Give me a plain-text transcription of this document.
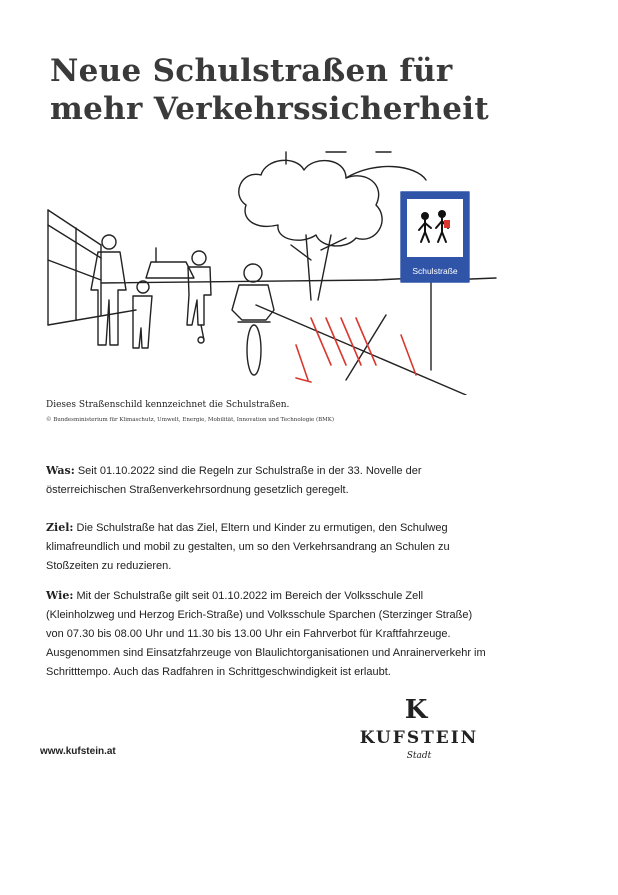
Neue Schulstraßen für
mehr Verkehrssicherheit
Schulstraße
Dieses Straßenschild kennzeichnet die Schulstraßen.
© Bundesministerium für Klimaschutz, Umwelt, Energie, Mobilität, Innovation und Technologie (BMK)

Was: Seit 01.10.2022 sind die Regeln zur Schulstraße in der 33. Novelle der österreichischen Straßenverkehrsordnung gesetzlich geregelt.

Ziel: Die Schulstraße hat das Ziel, Eltern und Kinder zu ermutigen, den Schulweg klimafreundlich und mobil zu gestalten, um so den Verkehrsandrang an Schulen zu Stoßzeiten zu reduzieren.

Wie: Mit der Schulstraße gilt seit 01.10.2022 im Bereich der Volksschule Zell (Kleinholzweg und Herzog Erich-Straße) und Volksschule Sparchen (Sterzinger Straße) von 07.30 bis 08.00 Uhr und 11.30 bis 13.00 Uhr ein Fahrverbot für Kraftfahrzeuge. Ausgenommen sind Einsatzfahrzeuge von Blaulichtorganisationen und Anrainerverkehr im Schritttempo. Auch das Radfahren in Schrittgeschwindigkeit ist erlaubt.

www.kufstein.at
K
KUFSTEIN
Stadt
